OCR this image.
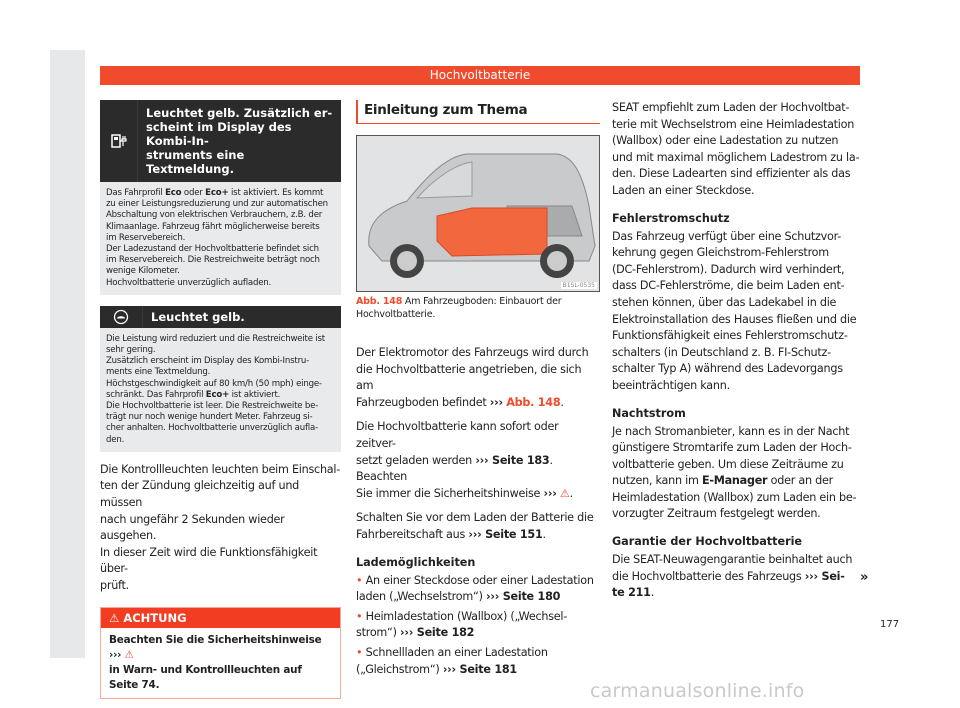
Hochvoltbatterie
Leuchtet gelb. Zusätzlich er-
scheint im Display des Kombi-In-
struments eine Textmeldung.
Das Fahrprofil Eco oder Eco+ ist aktiviert. Es kommt
zu einer Leistungsreduzierung und zur automatischen
Abschaltung von elektrischen Verbrauchern, z.B. der
Klimaanlage. Fahrzeug fährt möglicherweise bereits
im Reservebereich.
Der Ladezustand der Hochvoltbatterie befindet sich
im Reservebereich. Die Restreichweite beträgt noch
wenige Kilometer.
Hochvoltbatterie unverzüglich aufladen.
Leuchtet gelb.
Die Leistung wird reduziert und die Restreichweite ist
sehr gering.
Zusätzlich erscheint im Display des Kombi-Instru-
ments eine Textmeldung.
Höchstgeschwindigkeit auf 80 km/h (50 mph) einge-
schränkt. Das Fahrprofil Eco+ ist aktiviert.
Die Hochvoltbatterie ist leer. Die Restreichweite be-
trägt nur noch wenige hundert Meter. Fahrzeug si-
cher anhalten. Hochvoltbatterie unverzüglich aufla-
den.
Die Kontrollleuchten leuchten beim Einschal-
ten der Zündung gleichzeitig auf und müssen
nach ungefähr 2 Sekunden wieder ausgehen.
In dieser Zeit wird die Funktionsfähigkeit über-
prüft.
⚠ ACHTUNG
Beachten Sie die Sicherheitshinweise ››› ⚠
in Warn- und Kontrollleuchten auf Seite 74.
Einleitung zum Thema
B1SL-0535
Abb. 148 Am Fahrzeugboden: Einbauort der
Hochvoltbatterie.
Der Elektromotor des Fahrzeugs wird durch
die Hochvoltbatterie angetrieben, die sich am
Fahrzeugboden befindet ››› Abb. 148.
Die Hochvoltbatterie kann sofort oder zeitver-
setzt geladen werden ››› Seite 183. Beachten
Sie immer die Sicherheitshinweise ››› ⚠.
Schalten Sie vor dem Laden der Batterie die
Fahrbereitschaft aus ››› Seite 151.
Lademöglichkeiten
• An einer Steckdose oder einer Ladestation
laden („Wechselstrom“) ››› Seite 180
• Heimladestation (Wallbox) („Wechsel-
strom“) ››› Seite 182
• Schnellladen an einer Ladestation
(„Gleichstrom“) ››› Seite 181
SEAT empfiehlt zum Laden der Hochvoltbat-
terie mit Wechselstrom eine Heimladestation
(Wallbox) oder eine Ladestation zu nutzen
und mit maximal möglichem Ladestrom zu la-
den. Diese Ladearten sind effizienter als das
Laden an einer Steckdose.
Fehlerstromschutz
Das Fahrzeug verfügt über eine Schutzvor-
kehrung gegen Gleichstrom-Fehlerstrom
(DC-Fehlerstrom). Dadurch wird verhindert,
dass DC-Fehlerströme, die beim Laden ent-
stehen können, über das Ladekabel in die
Elektroinstallation des Hauses fließen und die
Funktionsfähigkeit eines Fehlerstromschutz-
schalters (in Deutschland z. B. FI-Schutz-
schalter Typ A) während des Ladevorgangs
beeinträchtigen kann.
Nachtstrom
Je nach Stromanbieter, kann es in der Nacht
günstigere Stromtarife zum Laden der Hoch-
voltbatterie geben. Um diese Zeiträume zu
nutzen, kann im E-Manager oder an der
Heimladestation (Wallbox) zum Laden ein be-
vorzugter Zeitraum festgelegt werden.
Garantie der Hochvoltbatterie
Die SEAT-Neuwagengarantie beinhaltet auch
die Hochvoltbatterie des Fahrzeugs ››› Sei-
te 211.
»
177
carmanualsonline.info
